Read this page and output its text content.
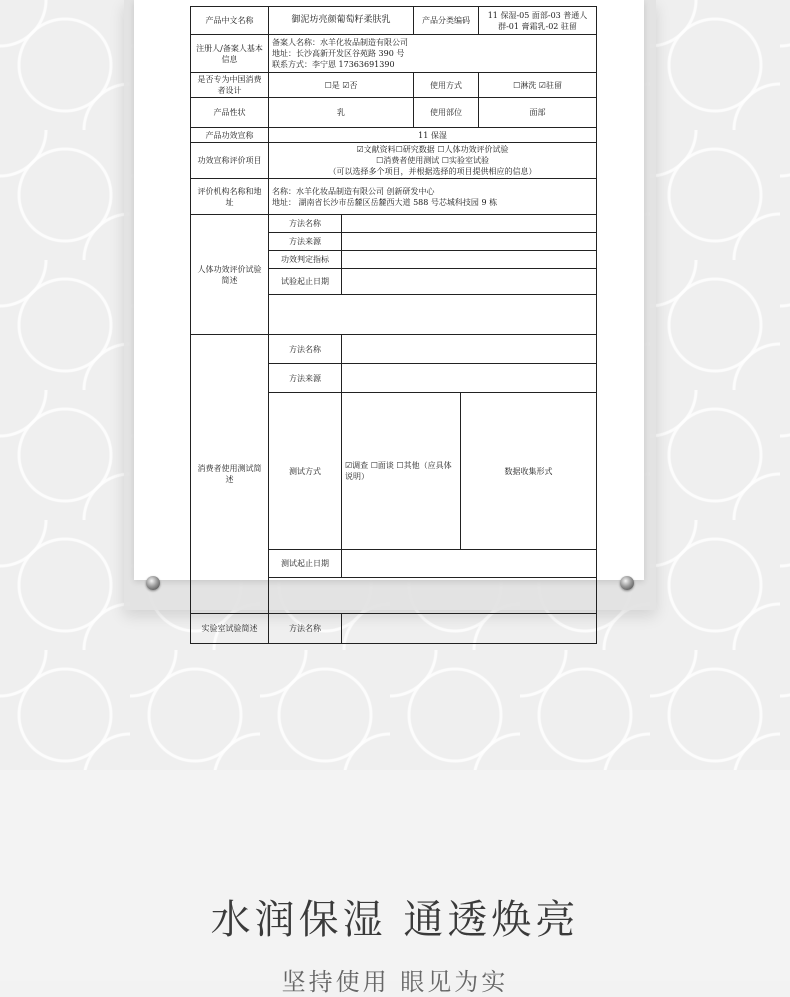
产品中文名称	御泥坊亮颜葡萄籽柔肤乳		产品分类编码		11 保湿-05 面部-03 普通人群-01 膏霜乳-02 驻留	
注册人/备案人基本信息	备案人名称：水羊化妆品制造有限公司
地址：长沙高新开发区谷苑路 390 号
联系方式：李宁恩 17363691390					

是否专为中国消费者设计	☐是 ☑否		使用方式		☐淋洗 ☑驻留	
产品性状	乳		使用部位		面部	
产品功效宣称	11 保湿					
功效宣称评价项目	☑文献资料☐研究数据 ☐人体功效评价试验
☐消费者使用测试 ☐实验室试验
（可以选择多个项目，并根据选择的项目提供相应的信息）					

评价机构名称和地址	名称：水羊化妆品制造有限公司 创新研发中心
地址： 湖南省长沙市岳麓区岳麓西大道 588 号芯城科技园 9 栋					

人体功效评价试验简述	方法名称					
	方法来源					
	功效判定指标					
	试验起止日期					

消费者使用测试简述	方法名称					
	方法来源					
	测试方式	☑调查 ☐面谈 ☐其他（应具体说明）		数据收集形式	
	测试起止日期					

实验室试验简述	方法名称					
水润保湿 通透焕亮
坚持使用 眼见为实
